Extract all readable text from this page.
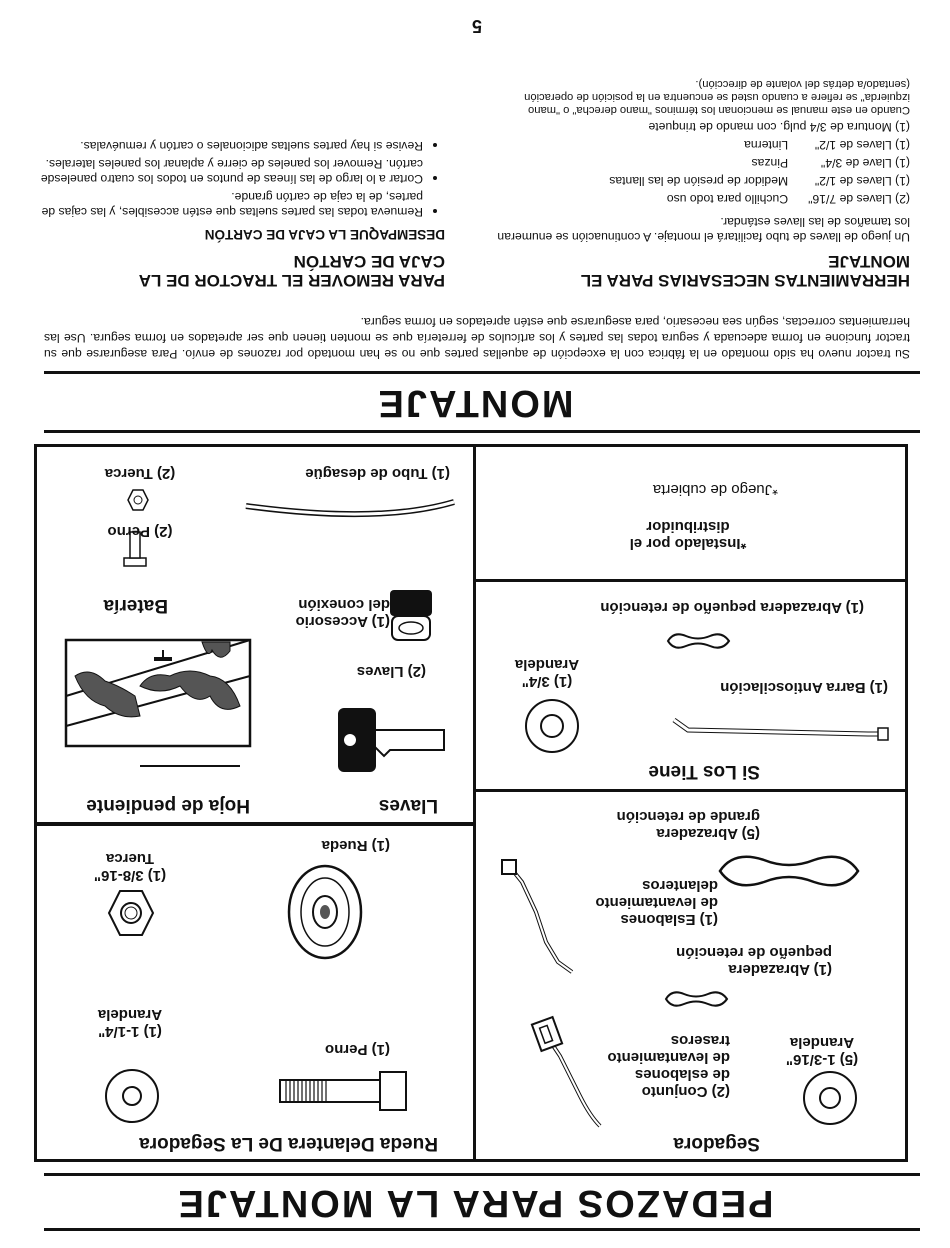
5
MONTAJE
Su tractor nuevo ha sido montado en la fábrica con la excepción de aquellas partes que no se han montado por razones de envío. Para asegurarse que su tractor funcione en forma adecuada y segura todas las partes y los artículos de ferretería que se monten tienen que ser apretados en forma segura. Use las herramientas correctas, según sea necesario, para asegurarse que estén apretados en forma segura.
HERRAMIENTAS NECESARIAS PARA EL
MONTAJE
Un juego de llaves de tubo facilitará el montaje. A continuación se enumeran los tamaños de las llaves estándar.
(2) Llaves de 7/16"	Cuchillo para todo uso
(1) Llaves de 1/2"	Medidor de presión de las llantas
(1) Llave de 3/4"	Pinzas
(1) Llaves de 1/2"	Linterna
(1) Montura de 3/4 pulg. con mando de trinquete
Cuando en este manual se mencionan los términos "mano derecha" o "mano izquierda" se refiere a cuando usted se encuentra en la posición de operación (sentado/a detrás del volante de dirección).
PARA REMOVER EL TRACTOR DE LA
CAJA DE CARTÓN
DESEMPAQUE LA CAJA DE CARTÓN
• Remueva todas las partes sueltas que estén accesibles, y las cajas de partes, de la caja de cartón grande.
• Cortar a lo largo de las líneas de puntos en todos los cuatro panelesde cartón. Remover los paneles de cierre y aplanar los paneles laterales.
• Revise si hay partes sueltas adicionales o cartón y remuévalas.
PEDAZOS PARA LA MONTAJE
Segadora
(5) 1-3/16"
Arandela
(2) Conjunto
de eslabones
de levantamiento
traseros
(1) Abrazadera
pequeño de retención
(1) Eslabones
de levantamiento
delanteros
(5) Abrazadera
grande de retención
Si Los Tiene
(1) Barra Antioscilación
(1) 3/4"
Arandela
(1) Abrazadera pequeño de retención
*Instalado por el
distribuidor
*Juego de cubierta
Rueda Delantera De La Segadora
(1) Perno
(1) 1-1/4"
Arandela
(1) Rueda
(1) 3/8-16"
Tuerca
Hoja de pendiente	Llaves
(2) Llaves
Batería
(1) Accesorio
del conexión
(2) Perno
(1) Tubo de desagüe
(2) Tuerca
